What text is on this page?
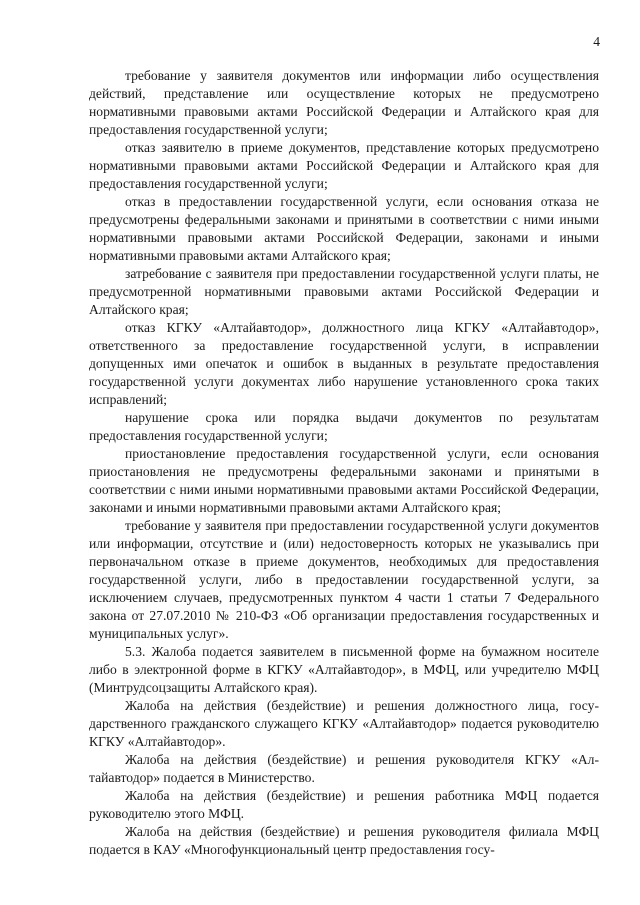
4

требование у заявителя документов или информации либо осуществления действий, представление или осуществление которых не предусмотрено нормативными правовыми актами Российской Федерации и Алтайского края для предоставления государственной услуги;

отказ заявителю в приеме документов, представление которых предусмотрено нормативными правовыми актами Российской Федерации и Алтайского края для предоставления государственной услуги;

отказ в предоставлении государственной услуги, если основания отказа не предусмотрены федеральными законами и принятыми в соответствии с ними иными нормативными правовыми актами Российской Федерации, законами и иными нормативными правовыми актами Алтайского края;

затребование с заявителя при предоставлении государственной услуги платы, не предусмотренной нормативными правовыми актами Российской Федерации и Алтайского края;

отказ КГКУ «Алтайавтодор», должностного лица КГКУ «Алтайавтодор», ответственного за предоставление государственной услуги, в исправлении допущенных ими опечаток и ошибок в выданных в результате предоставления государственной услуги документах либо нарушение установленного срока таких исправлений;

нарушение срока или порядка выдачи документов по результатам предоставления государственной услуги;

приостановление предоставления государственной услуги, если основания приостановления не предусмотрены федеральными законами и принятыми в соответствии с ними иными нормативными правовыми актами Российской Федерации, законами и иными нормативными правовыми актами Алтайского края;

требование у заявителя при предоставлении государственной услуги документов или информации, отсутствие и (или) недостоверность которых не указывались при первоначальном отказе в приеме документов, необходимых для предоставления государственной услуги, либо в предоставлении государственной услуги, за исключением случаев, предусмотренных пунктом 4 части 1 статьи 7 Федерального закона от 27.07.2010 № 210-ФЗ «Об организации предоставления государственных и муниципальных услуг».

5.3. Жалоба подается заявителем в письменной форме на бумажном носителе либо в электронной форме в КГКУ «Алтайавтодор», в МФЦ, или учредителю МФЦ (Минтрудсоцзащиты Алтайского края).

Жалоба на действия (бездействие) и решения должностного лица, государственного гражданского служащего КГКУ «Алтайавтодор» подается руководителю КГКУ «Алтайавтодор».

Жалоба на действия (бездействие) и решения руководителя КГКУ «Алтайавтодор» подается в Министерство.

Жалоба на действия (бездействие) и решения работника МФЦ подается руководителю этого МФЦ.

Жалоба на действия (бездействие) и решения руководителя филиала МФЦ подается в КАУ «Многофункциональный центр предоставления госу-
